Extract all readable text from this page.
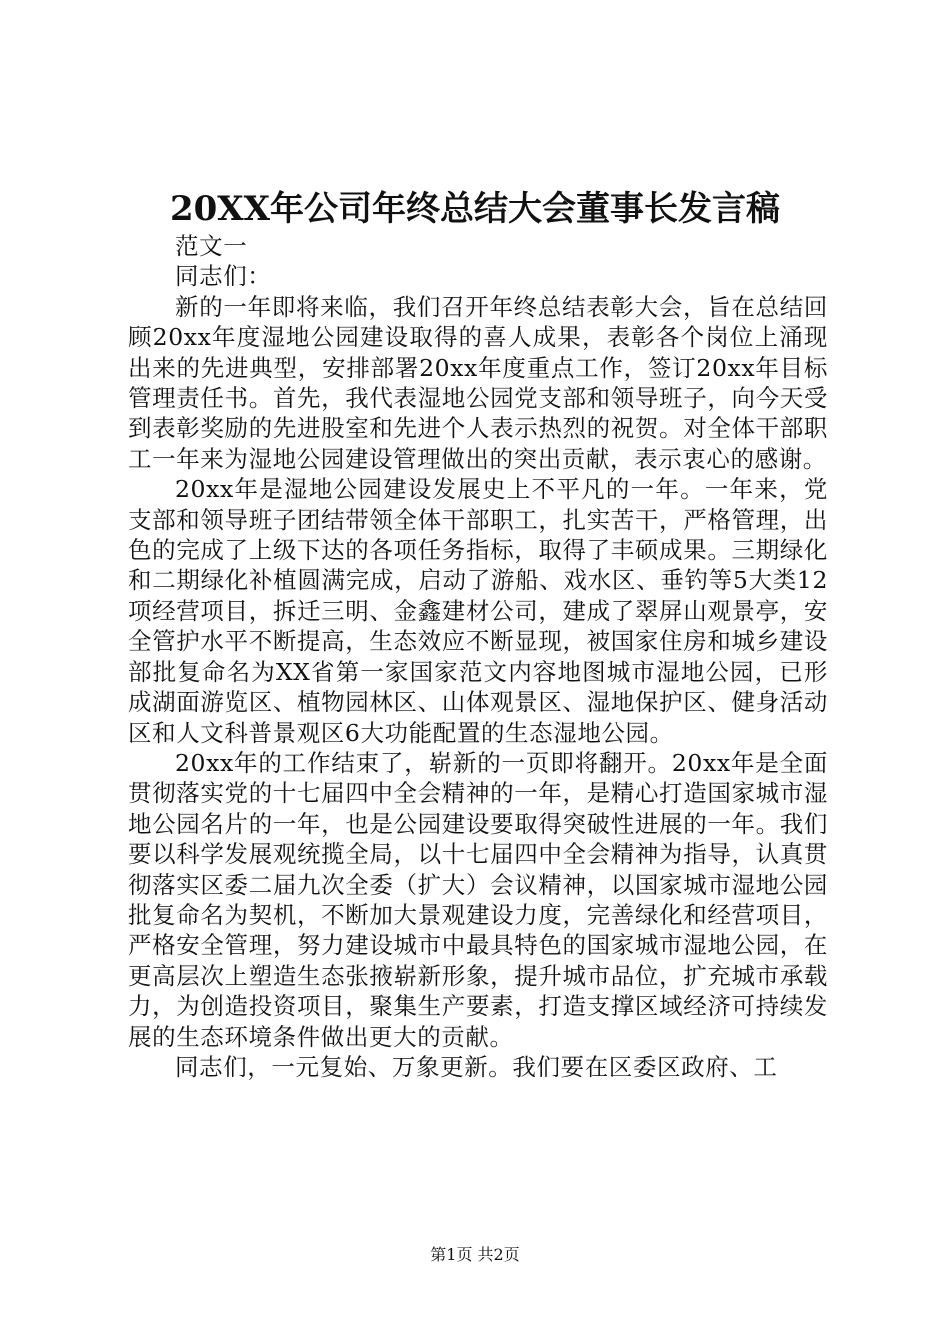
20XX年公司年终总结大会董事长发言稿

范文一

同志们：

新的一年即将来临，我们召开年终总结表彰大会，旨在总结回顾20xx年度湿地公园建设取得的喜人成果，表彰各个岗位上涌现出来的先进典型，安排部署20xx年度重点工作，签订20xx年目标管理责任书。首先，我代表湿地公园党支部和领导班子，向今天受到表彰奖励的先进股室和先进个人表示热烈的祝贺。对全体干部职工一年来为湿地公园建设管理做出的突出贡献，表示衷心的感谢。

20xx年是湿地公园建设发展史上不平凡的一年。一年来，党支部和领导班子团结带领全体干部职工，扎实苦干，严格管理，出色的完成了上级下达的各项任务指标，取得了丰硕成果。三期绿化和二期绿化补植圆满完成，启动了游船、戏水区、垂钓等5大类12项经营项目，拆迁三明、金鑫建材公司，建成了翠屏山观景亭，安全管护水平不断提高，生态效应不断显现，被国家住房和城乡建设部批复命名为XX省第一家国家范文内容地图城市湿地公园，已形成湖面游览区、植物园林区、山体观景区、湿地保护区、健身活动区和人文科普景观区6大功能配置的生态湿地公园。

20xx年的工作结束了，崭新的一页即将翻开。20xx年是全面贯彻落实党的十七届四中全会精神的一年，是精心打造国家城市湿地公园名片的一年，也是公园建设要取得突破性进展的一年。我们要以科学发展观统揽全局，以十七届四中全会精神为指导，认真贯彻落实区委二届九次全委（扩大）会议精神，以国家城市湿地公园批复命名为契机，不断加大景观建设力度，完善绿化和经营项目，严格安全管理，努力建设城市中最具特色的国家城市湿地公园，在更高层次上塑造生态张掖崭新形象，提升城市品位，扩充城市承载力，为创造投资项目，聚集生产要素，打造支撑区域经济可持续发展的生态环境条件做出更大的贡献。

同志们，一元复始、万象更新。我们要在区委区政府、工

第1页 共2页
